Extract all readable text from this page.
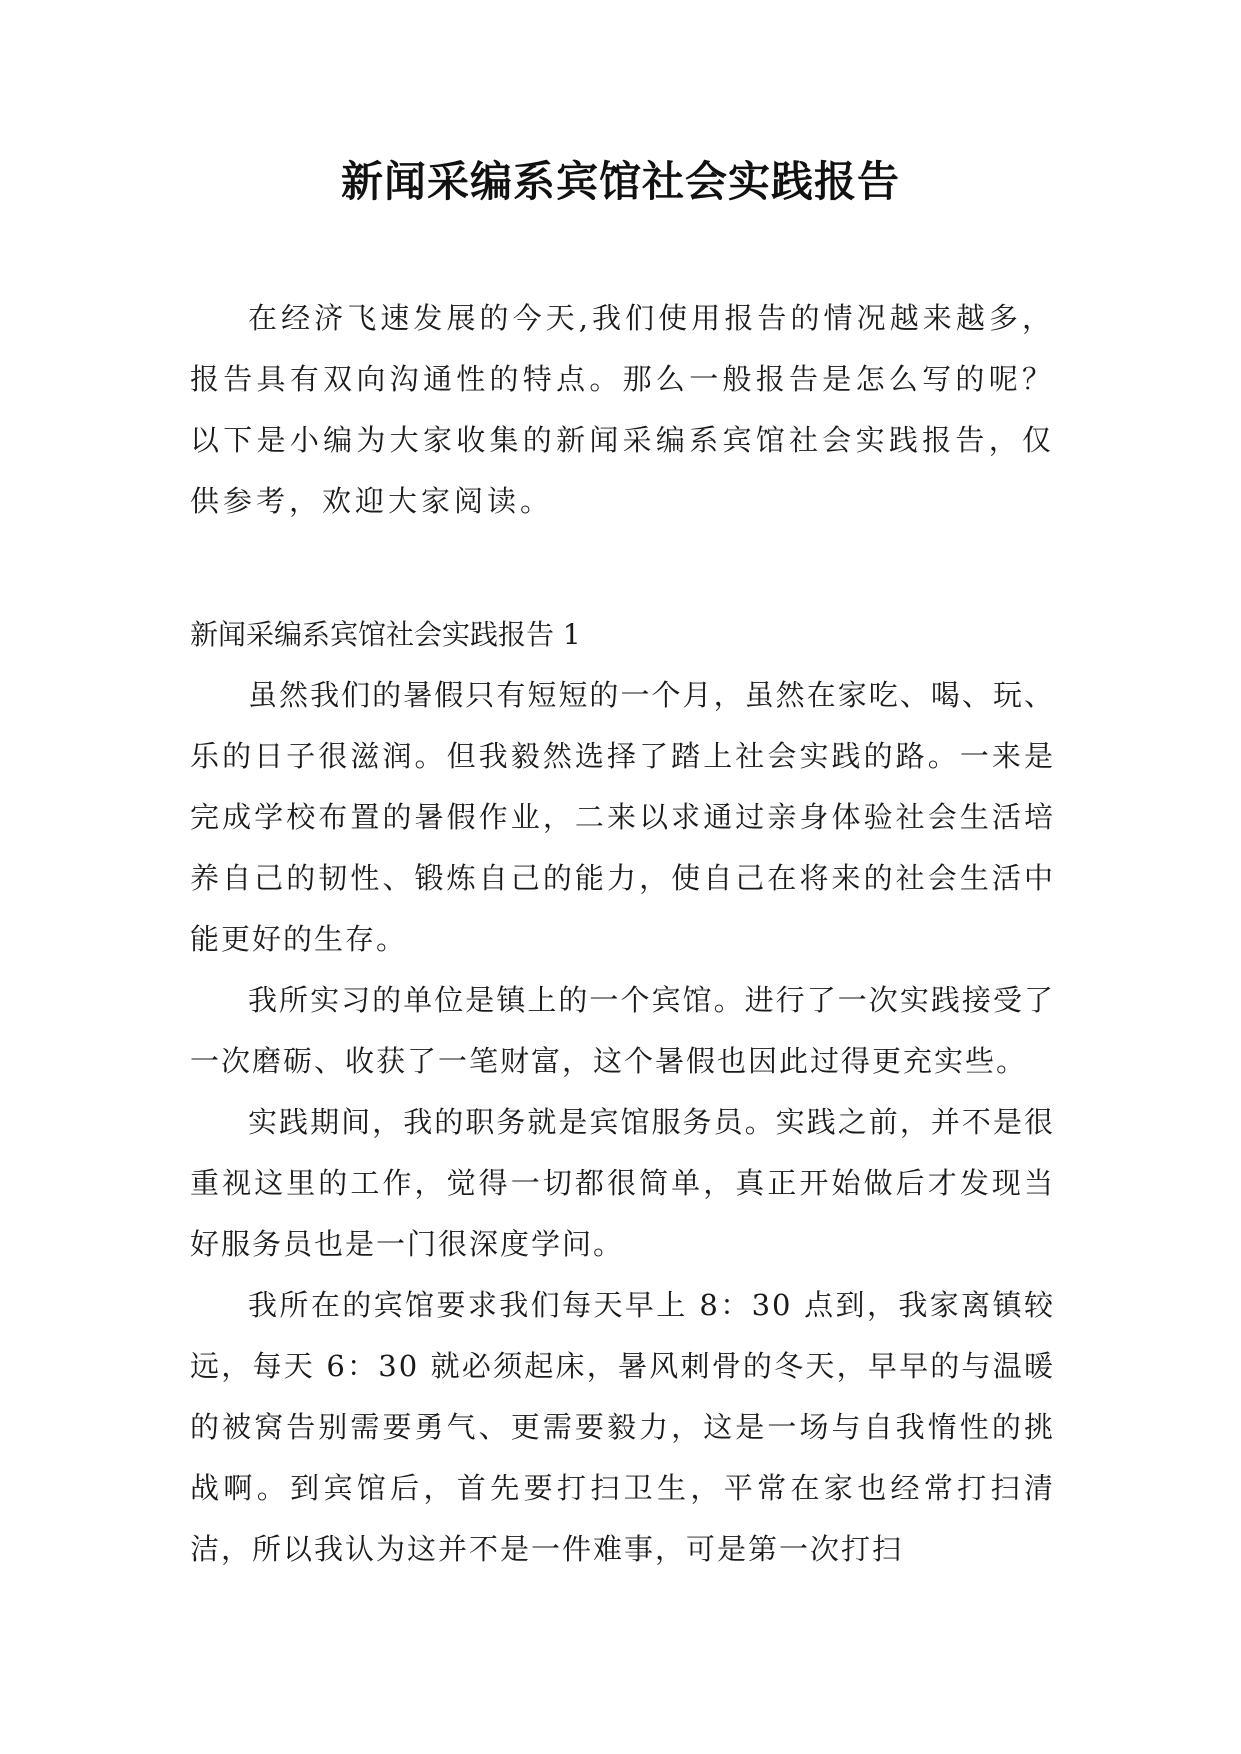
新闻采编系宾馆社会实践报告

在经济飞速发展的今天,我们使用报告的情况越来越多，报告具有双向沟通性的特点。那么一般报告是怎么写的呢？以下是小编为大家收集的新闻采编系宾馆社会实践报告，仅供参考，欢迎大家阅读。

新闻采编系宾馆社会实践报告 1

虽然我们的暑假只有短短的一个月，虽然在家吃、喝、玩、乐的日子很滋润。但我毅然选择了踏上社会实践的路。一来是完成学校布置的暑假作业，二来以求通过亲身体验社会生活培养自己的韧性、锻炼自己的能力，使自己在将来的社会生活中能更好的生存。

我所实习的单位是镇上的一个宾馆。进行了一次实践接受了一次磨砺、收获了一笔财富，这个暑假也因此过得更充实些。

实践期间，我的职务就是宾馆服务员。实践之前，并不是很重视这里的工作，觉得一切都很简单，真正开始做后才发现当好服务员也是一门很深度学问。

我所在的宾馆要求我们每天早上 8：30 点到，我家离镇较远，每天 6：30 就必须起床，暑风刺骨的冬天，早早的与温暖的被窝告别需要勇气、更需要毅力，这是一场与自我惰性的挑战啊。到宾馆后，首先要打扫卫生，平常在家也经常打扫清洁，所以我认为这并不是一件难事，可是第一次打扫
